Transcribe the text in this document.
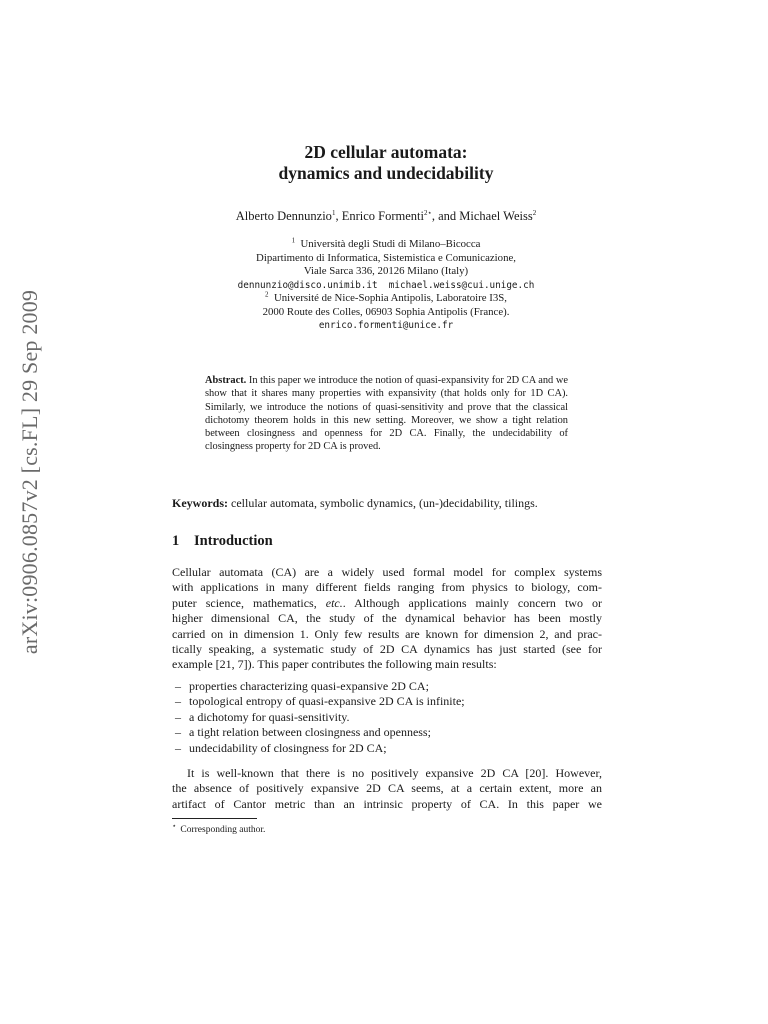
arXiv:0906.0857v2 [cs.FL] 29 Sep 2009
2D cellular automata:
dynamics and undecidability
Alberto Dennunzio$^1$, Enrico Formenti$^{2⋆}$, and Michael Weiss$^2$
$^1$ Università degli Studi di Milano–Bicocca
Dipartimento di Informatica, Sistemistica e Comunicazione,
Viale Sarca 336, 20126 Milano (Italy)
dennunzio@disco.unimib.it  michael.weiss@cui.unige.ch
$^2$ Université de Nice-Sophia Antipolis, Laboratoire I3S,
2000 Route des Colles, 06903 Sophia Antipolis (France).
enrico.formenti@unice.fr
Abstract. In this paper we introduce the notion of quasi-expansivity for 2D CA and we show that it shares many properties with expansivity (that holds only for 1D CA). Similarly, we introduce the notions of quasi-sensitivity and prove that the classical dichotomy theorem holds in this new setting. Moreover, we show a tight relation between closingness and openness for 2D CA. Finally, the undecidability of closingness property for 2D CA is proved.
Keywords: cellular automata, symbolic dynamics, (un-)decidability, tilings.
1 Introduction
Cellular automata (CA) are a widely used formal model for complex systems
with applications in many different fields ranging from physics to biology, com-
puter science, mathematics, etc.. Although applications mainly concern two or
higher dimensional CA, the study of the dynamical behavior has been mostly
carried on in dimension 1. Only few results are known for dimension 2, and prac-
tically speaking, a systematic study of 2D CA dynamics has just started (see for
example [21, 7]). This paper contributes the following main results:
– properties characterizing quasi-expansive 2D CA;
– topological entropy of quasi-expansive 2D CA is infinite;
– a dichotomy for quasi-sensitivity.
– a tight relation between closingness and openness;
– undecidability of closingness for 2D CA;
It is well-known that there is no positively expansive 2D CA [20]. However,
the absence of positively expansive 2D CA seems, at a certain extent, more an
artifact of Cantor metric than an intrinsic property of CA. In this paper we
⋆ Corresponding author.
